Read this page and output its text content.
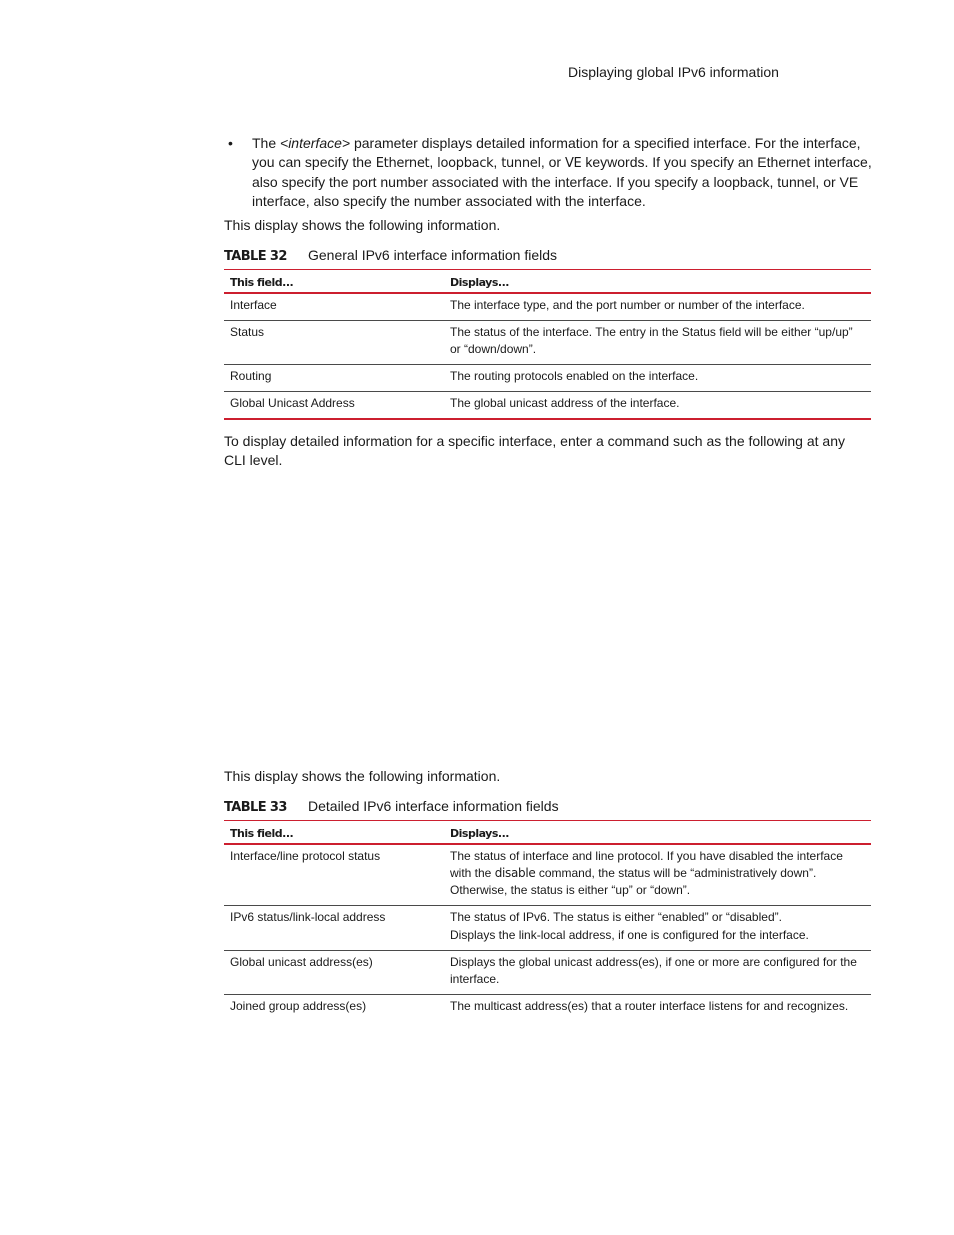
Displaying global IPv6 information
• The <interface> parameter displays detailed information for a specified interface. For the interface, you can specify the Ethernet, loopback, tunnel, or VE keywords. If you specify an Ethernet interface, also specify the port number associated with the interface. If you specify a loopback, tunnel, or VE interface, also specify the number associated with the interface.
This display shows the following information.
TABLE 32 General IPv6 interface information fields
This field...	Displays...
Interface	The interface type, and the port number or number of the interface.
Status	The status of the interface. The entry in the Status field will be either “up/up” or “down/down”.
Routing	The routing protocols enabled on the interface.
Global Unicast Address	The global unicast address of the interface.
To display detailed information for a specific interface, enter a command such as the following at any CLI level.
This display shows the following information.
TABLE 33 Detailed IPv6 interface information fields
This field...	Displays...
Interface/line protocol status	The status of interface and line protocol. If you have disabled the interface with the disable command, the status will be “administratively down”. Otherwise, the status is either “up” or “down”.
IPv6 status/link-local address	The status of IPv6. The status is either “enabled” or “disabled”.
Displays the link-local address, if one is configured for the interface.

Global unicast address(es)	Displays the global unicast address(es), if one or more are configured for the interface.
Joined group address(es)	The multicast address(es) that a router interface listens for and recognizes.
